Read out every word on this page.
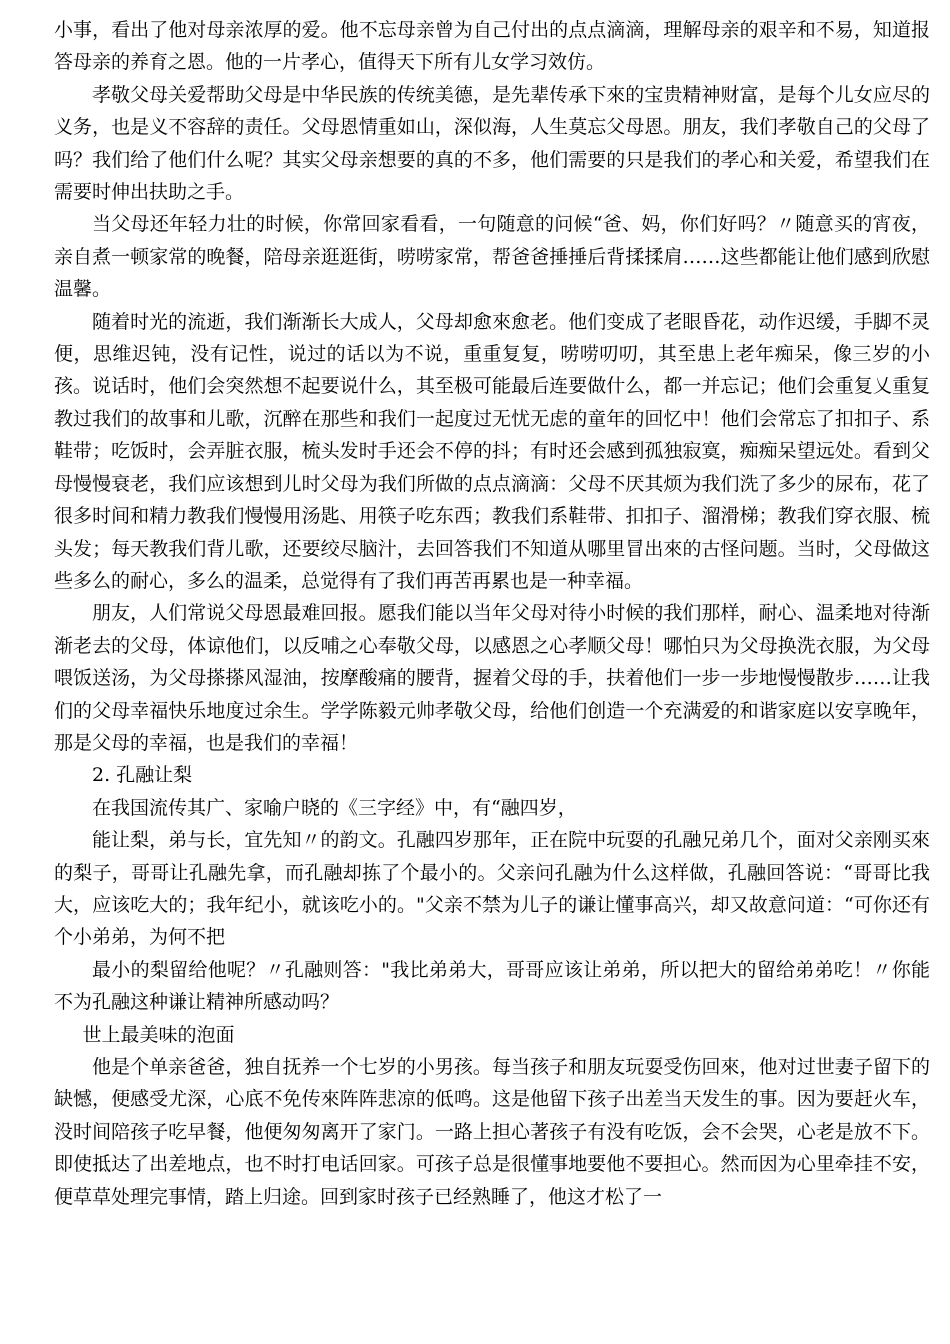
小事，看出了他对母亲浓厚的爱。他不忘母亲曾为自己付出的点点滴滴，理解母亲的艰辛和不易，知道报答母亲的养育之恩。他的一片孝心，值得天下所有儿女学习效仿。

孝敬父母关爱帮助父母是中华民族的传统美德，是先辈传承下來的宝贵精神财富，是每个儿女应尽的义务，也是义不容辞的责任。父母恩情重如山，深似海，人生莫忘父母恩。朋友，我们孝敬自己的父母了吗？我们给了他们什么呢？其实父母亲想要的真的不多，他们需要的只是我们的孝心和关爱，希望我们在需要时伸出扶助之手。

当父母还年轻力壮的时候，你常回家看看，一句随意的问候“爸、妈，你们好吗？〃随意买的宵夜，亲自煮一顿家常的晚餐，陪母亲逛逛街，唠唠家常，帮爸爸捶捶后背揉揉肩……这些都能让他们感到欣慰温馨。

随着时光的流逝，我们渐渐长大成人，父母却愈來愈老。他们变成了老眼昏花，动作迟缓，手脚不灵便，思维迟钝，没有记性，说过的话以为不说，重重复复，唠唠叨叨，其至患上老年痴呆，像三岁的小孩。说话时，他们会突然想不起要说什么，其至极可能最后连要做什么，都一并忘记；他们会重复乂重复教过我们的故事和儿歌，沉醉在那些和我们一起度过无忧无虑的童年的回忆中！他们会常忘了扣扣子、系鞋带；吃饭时，会弄脏衣服，梳头发时手还会不停的抖；有时还会感到孤独寂寞，痴痴呆望远处。看到父母慢慢衰老，我们应该想到儿时父母为我们所做的点点滴滴：父母不厌其烦为我们洗了多少的尿布，花了很多时间和精力教我们慢慢用汤匙、用筷子吃东西；教我们系鞋带、扣扣子、溜滑梯；教我们穿衣服、梳头发；每天教我们背儿歌，还要绞尽脑汁，去回答我们不知道从哪里冒出來的古怪问题。当时，父母做这些多么的耐心，多么的温柔，总觉得有了我们再苦再累也是一种幸福。

朋友，人们常说父母恩最难回报。愿我们能以当年父母对待小时候的我们那样，耐心、温柔地对待渐渐老去的父母，体谅他们，以反哺之心奉敬父母，以感恩之心孝顺父母！哪怕只为父母换洗衣服，为父母喂饭送汤，为父母搽搽风湿油，按摩酸痛的腰背，握着父母的手，扶着他们一步一步地慢慢散步……让我们的父母幸福快乐地度过余生。学学陈毅元帅孝敬父母，给他们创造一个充满爱的和谐家庭以安享晚年，那是父母的幸福，也是我们的幸福！

2. 孔融让梨

在我国流传其广、家喻户晓的《三字经》中，有“融四岁，

能让梨，弟与长，宜先知〃的韵文。孔融四岁那年，正在院中玩耍的孔融兄弟几个，面对父亲刚买來的梨子，哥哥让孔融先拿，而孔融却拣了个最小的。父亲问孔融为什么这样做，孔融回答说：“哥哥比我大，应该吃大的；我年纪小，就该吃小的。"父亲不禁为儿子的谦让懂事高兴，却又故意问道：“可你还有个小弟弟，为何不把

最小的梨留给他呢？〃孔融则答："我比弟弟大，哥哥应该让弟弟，所以把大的留给弟弟吃！〃你能不为孔融这种谦让精神所感动吗？

世上最美味的泡面

他是个单亲爸爸，独自抚养一个七岁的小男孩。每当孩子和朋友玩耍受伤回來，他对过世妻子留下的缺憾，便感受尤深，心底不免传來阵阵悲凉的低鸣。这是他留下孩子出差当天发生的事。因为要赶火车，没时间陪孩子吃早餐，他便匆匆离开了家门。一路上担心著孩子有没有吃饭，会不会哭，心老是放不下。即使抵达了出差地点，也不时打电话回家。可孩子总是很懂事地要他不要担心。然而因为心里牵挂不安，便草草处理完事情，踏上归途。回到家时孩子已经熟睡了，他这才松了一
